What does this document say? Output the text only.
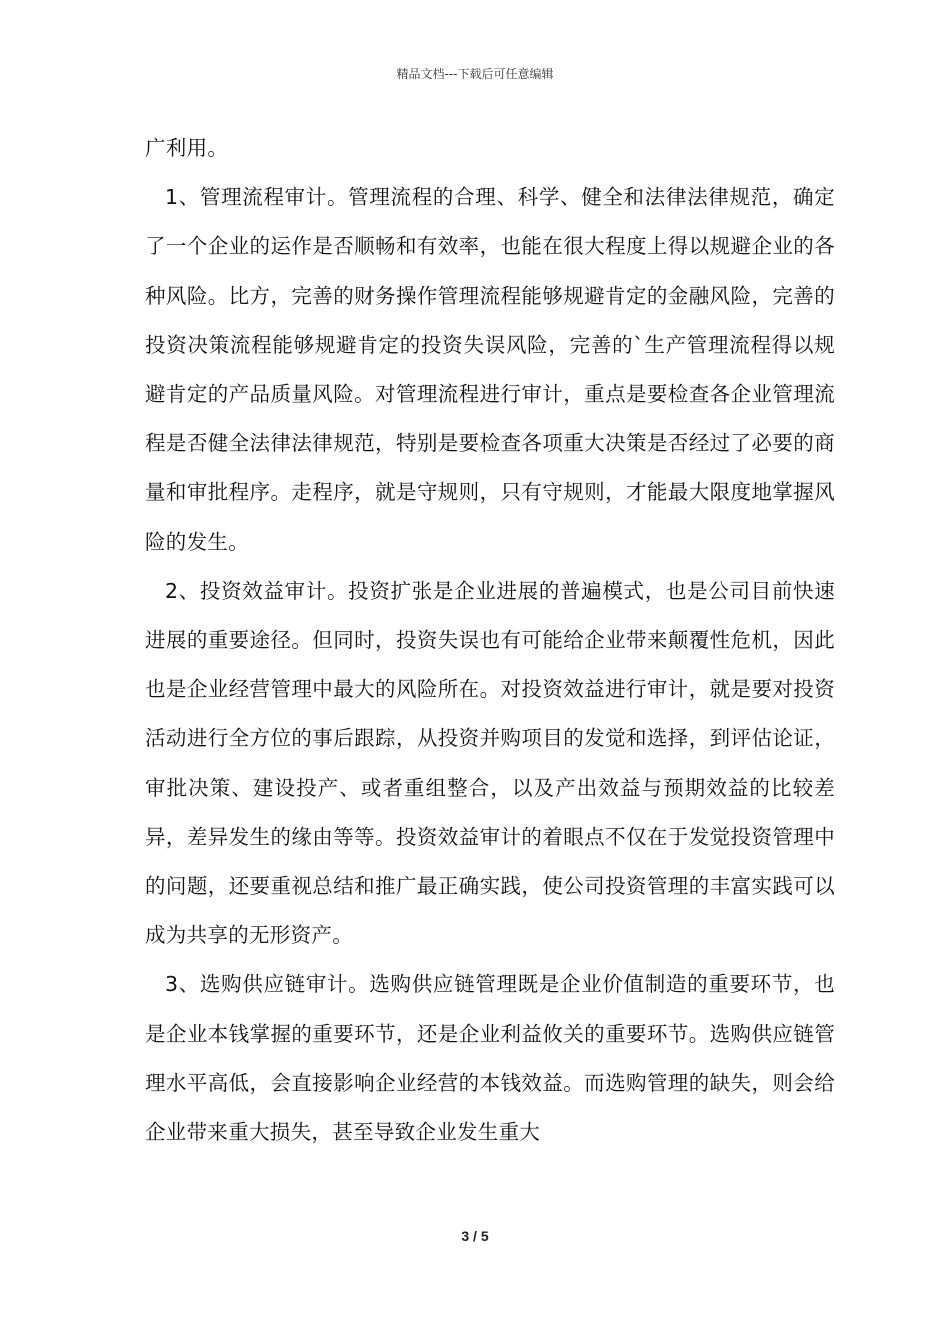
精品文档---下载后可任意编辑

广利用。

1、管理流程审计。管理流程的合理、科学、健全和法律法律规范，确定了一个企业的运作是否顺畅和有效率，也能在很大程度上得以规避企业的各种风险。比方，完善的财务操作管理流程能够规避肯定的金融风险，完善的投资决策流程能够规避肯定的投资失误风险，完善的`生产管理流程得以规避肯定的产品质量风险。对管理流程进行审计，重点是要检查各企业管理流程是否健全法律法律规范，特别是要检查各项重大决策是否经过了必要的商量和审批程序。走程序，就是守规则，只有守规则，才能最大限度地掌握风险的发生。

2、投资效益审计。投资扩张是企业进展的普遍模式，也是公司目前快速进展的重要途径。但同时，投资失误也有可能给企业带来颠覆性危机，因此也是企业经营管理中最大的风险所在。对投资效益进行审计，就是要对投资活动进行全方位的事后跟踪，从投资并购项目的发觉和选择，到评估论证，审批决策、建设投产、或者重组整合，以及产出效益与预期效益的比较差异，差异发生的缘由等等。投资效益审计的着眼点不仅在于发觉投资管理中的问题，还要重视总结和推广最正确实践，使公司投资管理的丰富实践可以成为共享的无形资产。

3、选购供应链审计。选购供应链管理既是企业价值制造的重要环节，也是企业本钱掌握的重要环节，还是企业利益攸关的重要环节。选购供应链管理水平高低，会直接影响企业经营的本钱效益。而选购管理的缺失，则会给企业带来重大损失，甚至导致企业发生重大

3 / 5
